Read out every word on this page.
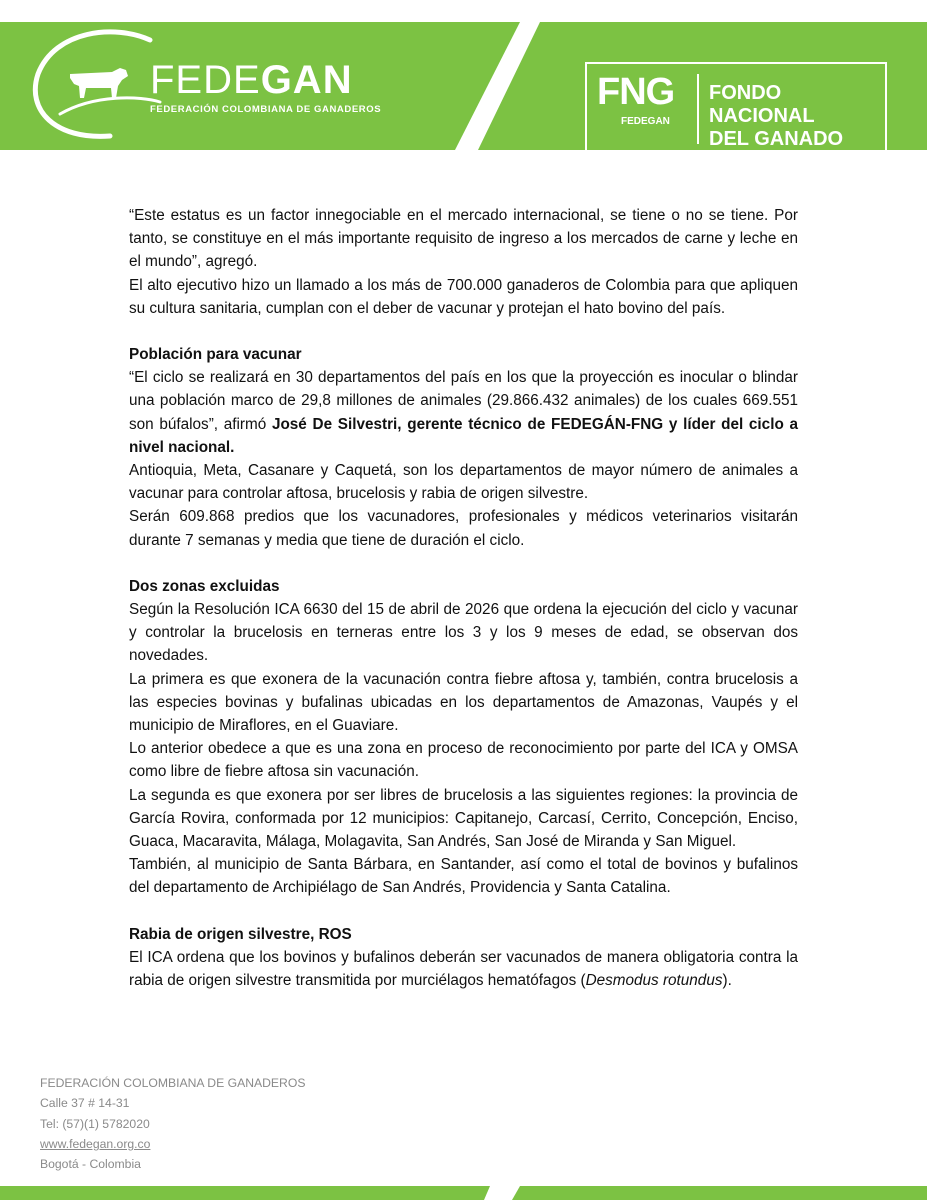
FEDEGAN
FEDERACIÓN COLOMBIANA DE GANADEROS	FNG
FEDEGAN
FONDO NACIONAL
DEL GANADO

“Este estatus es un factor innegociable en el mercado internacional, se tiene o no se tiene. Por tanto, se constituye en el más importante requisito de ingreso a los mercados de carne y leche en el mundo”, agregó.

El alto ejecutivo hizo un llamado a los más de 700.000 ganaderos de Colombia para que apliquen su cultura sanitaria, cumplan con el deber de vacunar y protejan el hato bovino del país.

Población para vacunar

“El ciclo se realizará en 30 departamentos del país en los que la proyección es inocular o blindar una población marco de 29,8 millones de animales (29.866.432 animales) de los cuales 669.551 son búfalos”, afirmó José De Silvestri, gerente técnico de FEDEGÁN-FNG y líder del ciclo a nivel nacional.

Antioquia, Meta, Casanare y Caquetá, son los departamentos de mayor número de animales a vacunar para controlar aftosa, brucelosis y rabia de origen silvestre.

Serán 609.868 predios que los vacunadores, profesionales y médicos veterinarios visitarán durante 7 semanas y media que tiene de duración el ciclo.

Dos zonas excluidas

Según la Resolución ICA 6630 del 15 de abril de 2026 que ordena la ejecución del ciclo y vacunar y controlar la brucelosis en terneras entre los 3 y los 9 meses de edad, se observan dos novedades.

La primera es que exonera de la vacunación contra fiebre aftosa y, también, contra brucelosis a las especies bovinas y bufalinas ubicadas en los departamentos de Amazonas, Vaupés y el municipio de Miraflores, en el Guaviare.

Lo anterior obedece a que es una zona en proceso de reconocimiento por parte del ICA y OMSA como libre de fiebre aftosa sin vacunación.

La segunda es que exonera por ser libres de brucelosis a las siguientes regiones: la provincia de García Rovira, conformada por 12 municipios: Capitanejo, Carcasí, Cerrito, Concepción, Enciso, Guaca, Macaravita, Málaga, Molagavita, San Andrés, San José de Miranda y San Miguel.

También, al municipio de Santa Bárbara, en Santander, así como el total de bovinos y bufalinos del departamento de Archipiélago de San Andrés, Providencia y Santa Catalina.

Rabia de origen silvestre, ROS

El ICA ordena que los bovinos y bufalinos deberán ser vacunados de manera obligatoria contra la rabia de origen silvestre transmitida por murciélagos hematófagos (Desmodus rotundus).

FEDERACIÓN COLOMBIANA DE GANADEROS
Calle 37 # 14-31
Tel: (57)(1) 5782020
www.fedegan.org.co
Bogotá - Colombia
